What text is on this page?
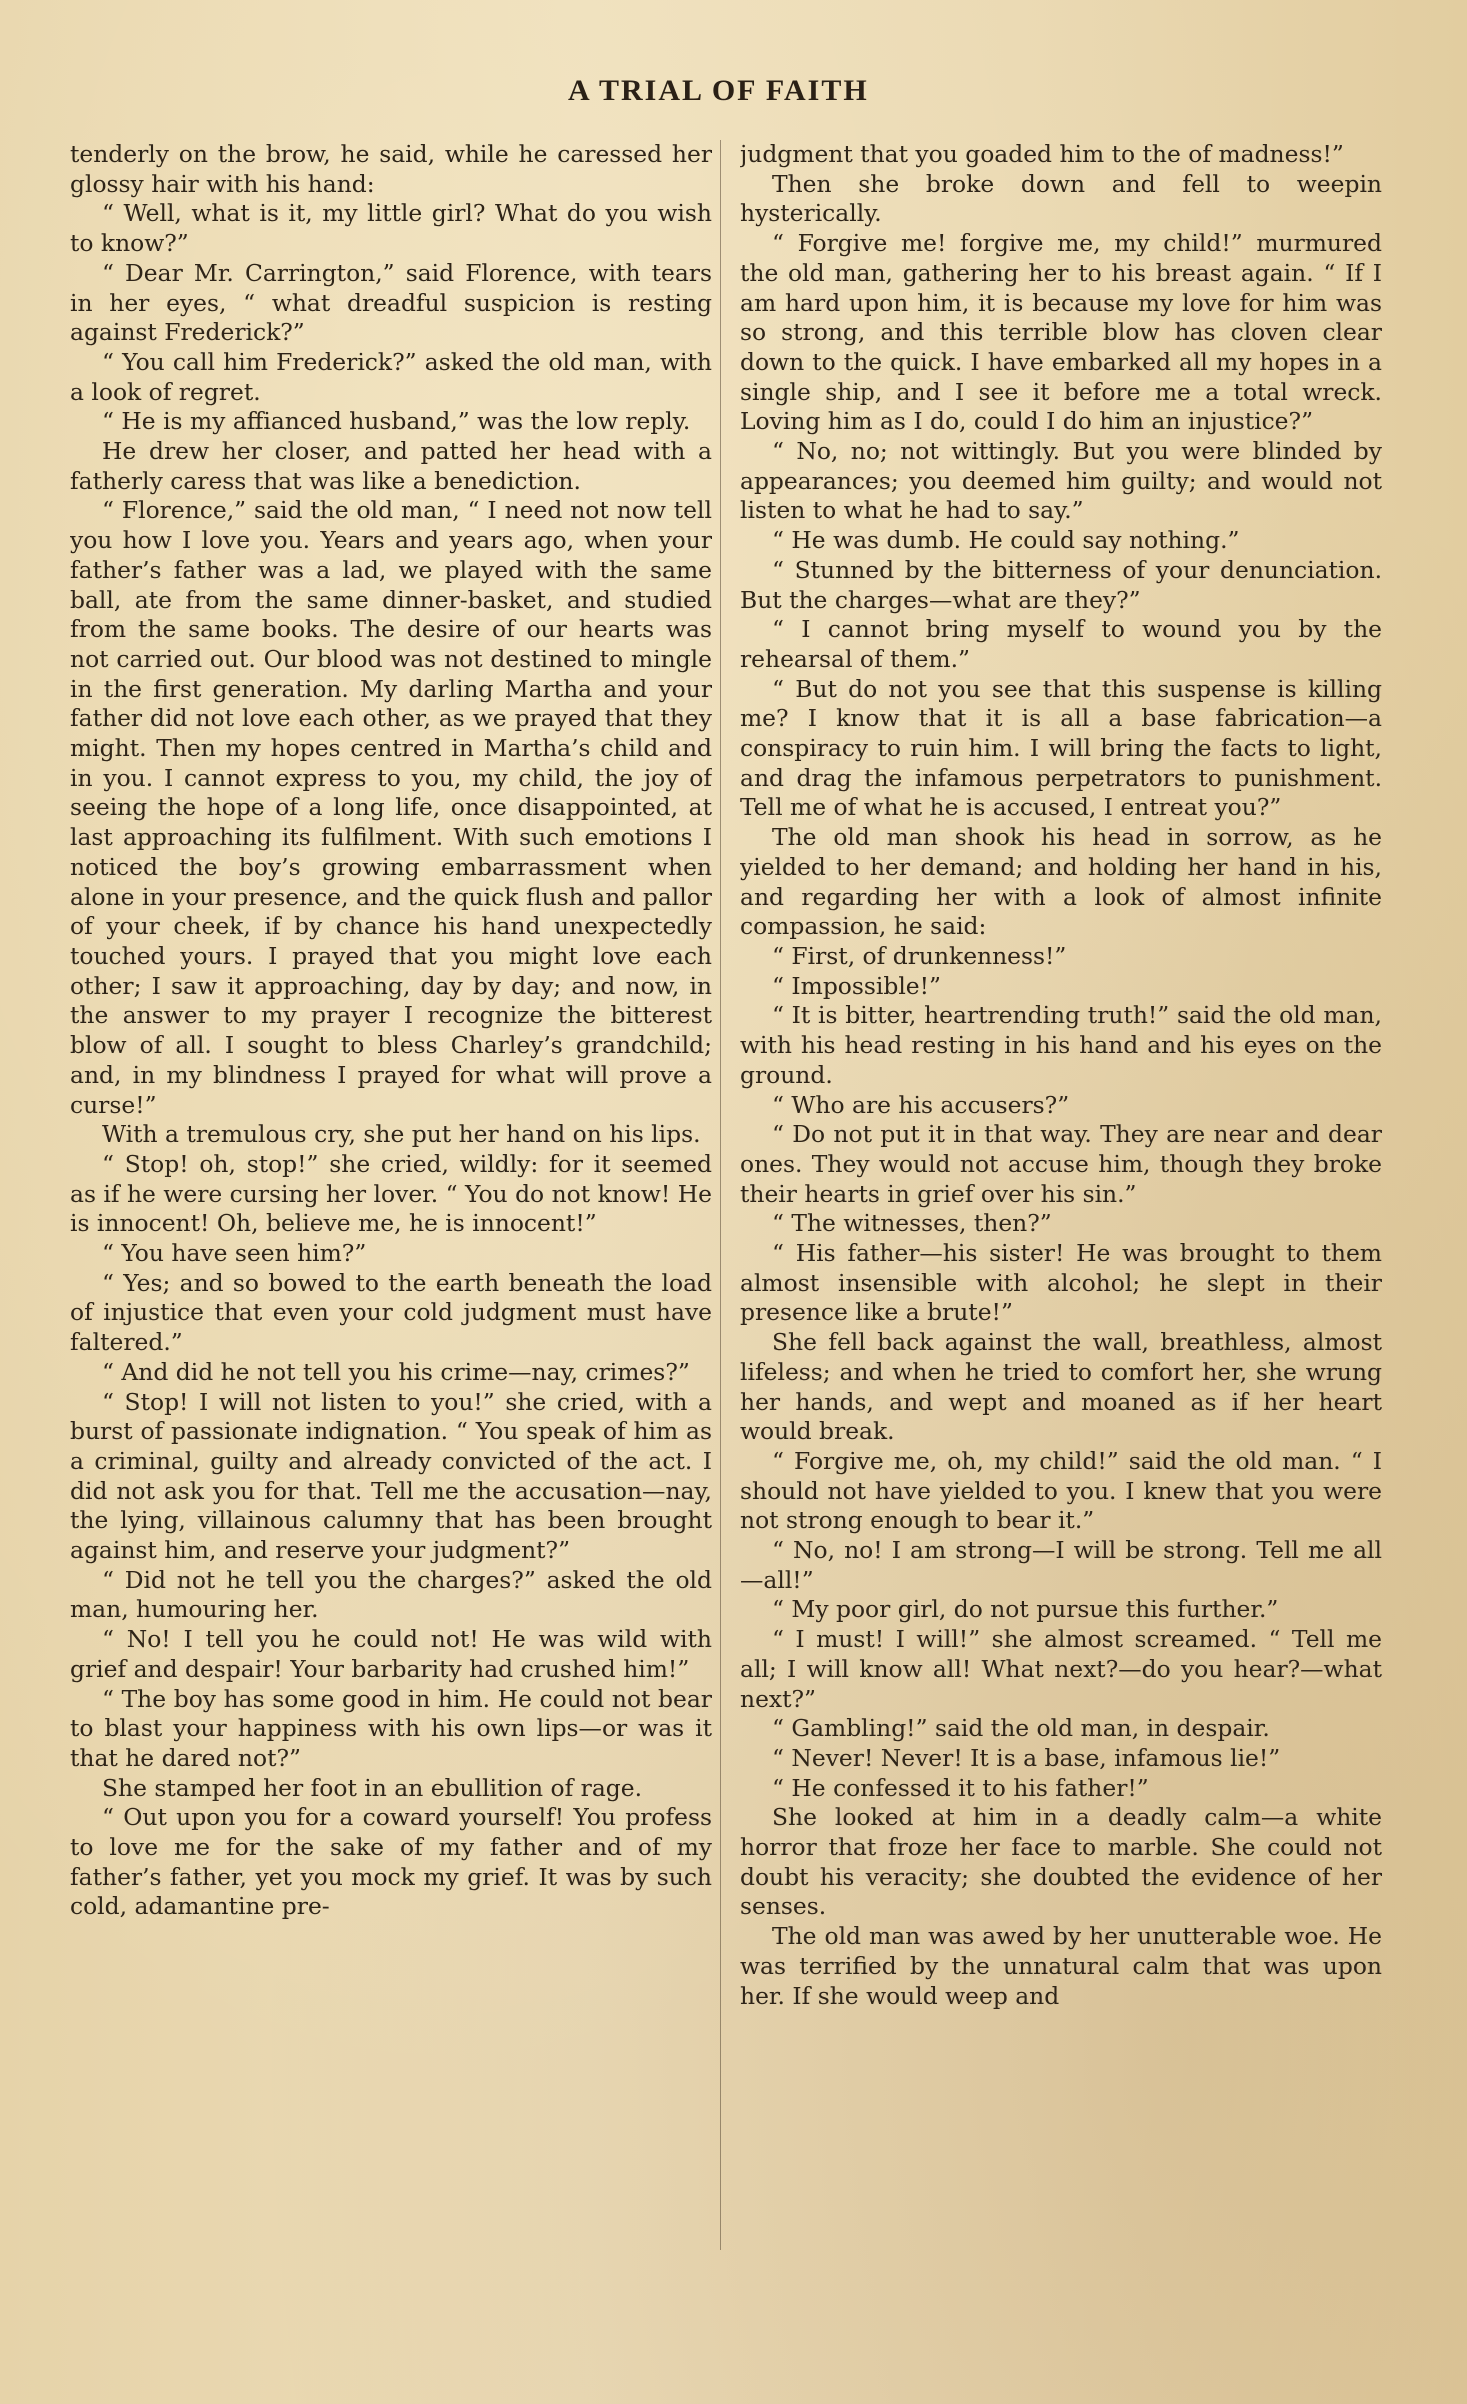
A TRIAL OF FAITH

tenderly on the brow, he said, while he caressed her glossy hair with his hand:

“ Well, what is it, my little girl? What do you wish to know?”

“ Dear Mr. Carrington,” said Florence, with tears in her eyes, “ what dreadful suspicion is resting against Frederick?”

“ You call him Frederick?” asked the old man, with a look of regret.

“ He is my affianced husband,” was the low reply.

He drew her closer, and patted her head with a fatherly caress that was like a benediction.

“ Florence,” said the old man, “ I need not now tell you how I love you. Years and years ago, when your father’s father was a lad, we played with the same ball, ate from the same dinner-basket, and studied from the same books. The desire of our hearts was not carried out. Our blood was not destined to mingle in the first generation. My darling Martha and your father did not love each other, as we prayed that they might. Then my hopes centred in Martha’s child and in you. I cannot express to you, my child, the joy of seeing the hope of a long life, once disappointed, at last approaching its fulfilment. With such emotions I noticed the boy’s growing embarrassment when alone in your presence, and the quick flush and pallor of your cheek, if by chance his hand unexpectedly touched yours. I prayed that you might love each other; I saw it approaching, day by day; and now, in the answer to my prayer I recognize the bitterest blow of all. I sought to bless Charley’s grandchild; and, in my blindness I prayed for what will prove a curse!”

With a tremulous cry, she put her hand on his lips.

“ Stop! oh, stop!” she cried, wildly: for it seemed as if he were cursing her lover. “ You do not know! He is innocent! Oh, believe me, he is innocent!”

“ You have seen him?”

“ Yes; and so bowed to the earth beneath the load of injustice that even your cold judgment must have faltered.”

“ And did he not tell you his crime—nay, crimes?”

“ Stop! I will not listen to you!” she cried, with a burst of passionate indignation. “ You speak of him as a criminal, guilty and already convicted of the act. I did not ask you for that. Tell me the accusation—nay, the lying, villainous calumny that has been brought against him, and reserve your judgment?”

“ Did not he tell you the charges?” asked the old man, humouring her.

“ No! I tell you he could not! He was wild with grief and despair! Your barbarity had crushed him!”

“ The boy has some good in him. He could not bear to blast your happiness with his own lips—or was it that he dared not?”

She stamped her foot in an ebullition of rage.

“ Out upon you for a coward yourself! You profess to love me for the sake of my father and of my father’s father, yet you mock my grief. It was by such cold, adamantine pre-

judgment that you goaded him to the of madness!”

Then she broke down and fell to weepin hysterically.

“ Forgive me! forgive me, my child!” murmured the old man, gathering her to his breast again. “ If I am hard upon him, it is because my love for him was so strong, and this terrible blow has cloven clear down to the quick. I have embarked all my hopes in a single ship, and I see it before me a total wreck. Loving him as I do, could I do him an injustice?”

“ No, no; not wittingly. But you were blinded by appearances; you deemed him guilty; and would not listen to what he had to say.”

“ He was dumb. He could say nothing.”

“ Stunned by the bitterness of your denunciation. But the charges—what are they?”

“ I cannot bring myself to wound you by the rehearsal of them.”

“ But do not you see that this suspense is killing me? I know that it is all a base fabrication—a conspiracy to ruin him. I will bring the facts to light, and drag the infamous perpetrators to punishment. Tell me of what he is accused, I entreat you?”

The old man shook his head in sorrow, as he yielded to her demand; and holding her hand in his, and regarding her with a look of almost infinite compassion, he said:

“ First, of drunkenness!”

“ Impossible!”

“ It is bitter, heartrending truth!” said the old man, with his head resting in his hand and his eyes on the ground.

“ Who are his accusers?”

“ Do not put it in that way. They are near and dear ones. They would not accuse him, though they broke their hearts in grief over his sin.”

“ The witnesses, then?”

“ His father—his sister! He was brought to them almost insensible with alcohol; he slept in their presence like a brute!”

She fell back against the wall, breathless, almost lifeless; and when he tried to comfort her, she wrung her hands, and wept and moaned as if her heart would break.

“ Forgive me, oh, my child!” said the old man. “ I should not have yielded to you. I knew that you were not strong enough to bear it.”

“ No, no! I am strong—I will be strong. Tell me all—all!”

“ My poor girl, do not pursue this further.”

“ I must! I will!” she almost screamed. “ Tell me all; I will know all! What next?—do you hear?—what next?”

“ Gambling!” said the old man, in despair.

“ Never! Never! It is a base, infamous lie!”

“ He confessed it to his father!”

She looked at him in a deadly calm—a white horror that froze her face to marble. She could not doubt his veracity; she doubted the evidence of her senses.

The old man was awed by her unutterable woe. He was terrified by the unnatural calm that was upon her. If she would weep and
